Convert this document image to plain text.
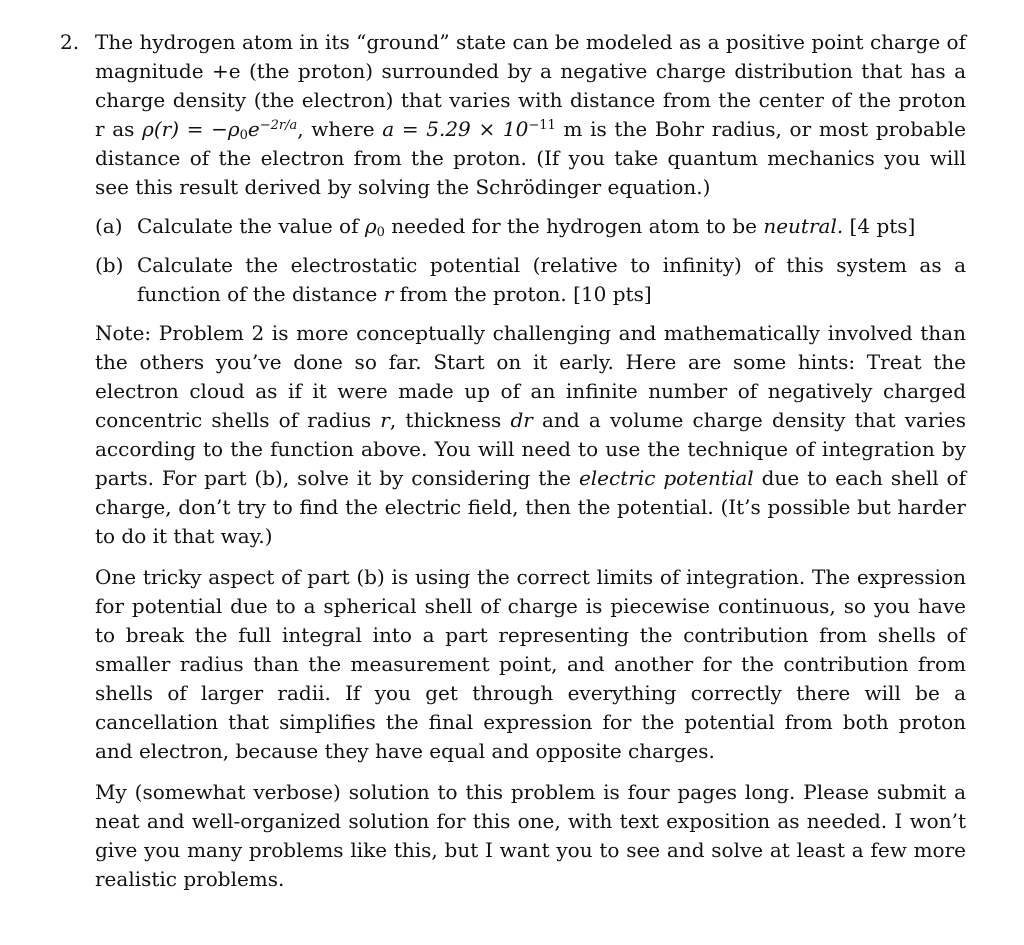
2. The hydrogen atom in its “ground” state can be modeled as a positive point charge of magnitude +e (the proton) surrounded by a negative charge distribution that has a charge density (the electron) that varies with distance from the center of the proton r as $\rho(r) = -\rho_0e^{-2r/a}$, where $a = 5.29 \times 10^{-11}$ m is the Bohr radius, or most probable distance of the electron from the proton. (If you take quantum mechanics you will see this result derived by solving the Schrödinger equation.)

(a) Calculate the value of $\rho_0$ needed for the hydrogen atom to be neutral. [4 pts]
(b) Calculate the electrostatic potential (relative to infinity) of this system as a function of the distance r from the proton. [10 pts]

Note: Problem 2 is more conceptually challenging and mathematically involved than the others you’ve done so far. Start on it early. Here are some hints: Treat the electron cloud as if it were made up of an infinite number of negatively charged concentric shells of radius r, thickness dr and a volume charge density that varies according to the function above. You will need to use the technique of integration by parts. For part (b), solve it by considering the electric potential due to each shell of charge, don’t try to find the electric field, then the potential. (It’s possible but harder to do it that way.)

One tricky aspect of part (b) is using the correct limits of integration. The expression for potential due to a spherical shell of charge is piecewise continuous, so you have to break the full integral into a part representing the contribution from shells of smaller radius than the measurement point, and another for the contribution from shells of larger radii. If you get through everything correctly there will be a cancellation that simplifies the final expression for the potential from both proton and electron, because they have equal and opposite charges.

My (somewhat verbose) solution to this problem is four pages long. Please submit a neat and well-organized solution for this one, with text exposition as needed. I won’t give you many problems like this, but I want you to see and solve at least a few more realistic problems.
